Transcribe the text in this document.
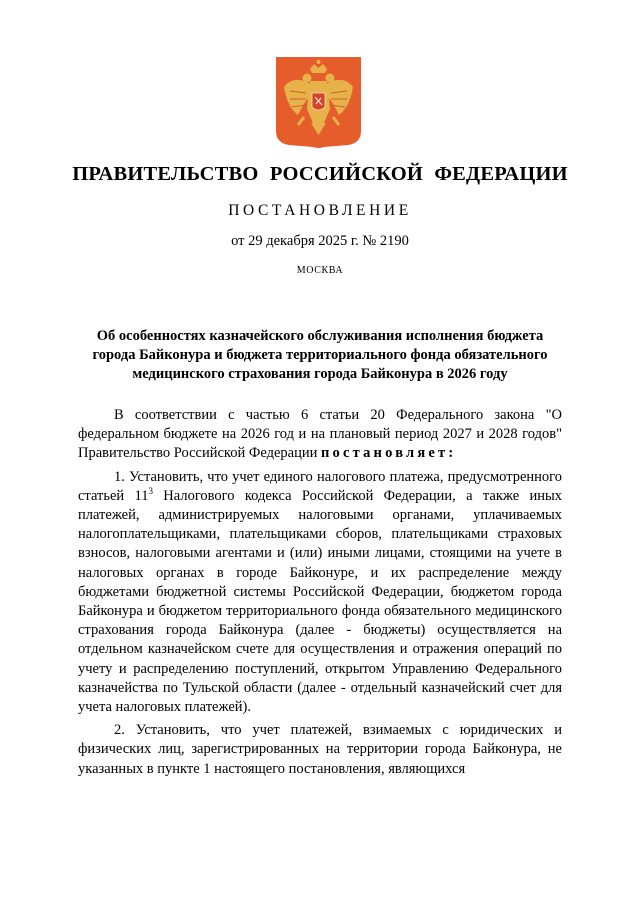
ПРАВИТЕЛЬСТВО РОССИЙСКОЙ ФЕДЕРАЦИИ
ПОСТАНОВЛЕНИЕ
от 29 декабря 2025 г. № 2190
МОСКВА
Об особенностях казначейского обслуживания исполнения бюджета
города Байконура и бюджета территориального фонда обязательного
медицинского страхования города Байконура в 2026 году

В соответствии с частью 6 статьи 20 Федерального закона "О федеральном бюджете на 2026 год и на плановый период 2027 и 2028 годов" Правительство Российской Федерации постановляет:

1. Установить, что учет единого налогового платежа, предусмотренного статьей $11^3$ Налогового кодекса Российской Федерации, а также иных платежей, администрируемых налоговыми органами, уплачиваемых налогоплательщиками, плательщиками сборов, плательщиками страховых взносов, налоговыми агентами и (или) иными лицами, стоящими на учете в налоговых органах в городе Байконуре, и их распределение между бюджетами бюджетной системы Российской Федерации, бюджетом города Байконура и бюджетом территориального фонда обязательного медицинского страхования города Байконура (далее - бюджеты) осуществляется на отдельном казначейском счете для осуществления и отражения операций по учету и распределению поступлений, открытом Управлению Федерального казначейства по Тульской области (далее - отдельный казначейский счет для учета налоговых платежей).

2. Установить, что учет платежей, взимаемых с юридических и физических лиц, зарегистрированных на территории города Байконура, не указанных в пункте 1 настоящего постановления, являющихся
